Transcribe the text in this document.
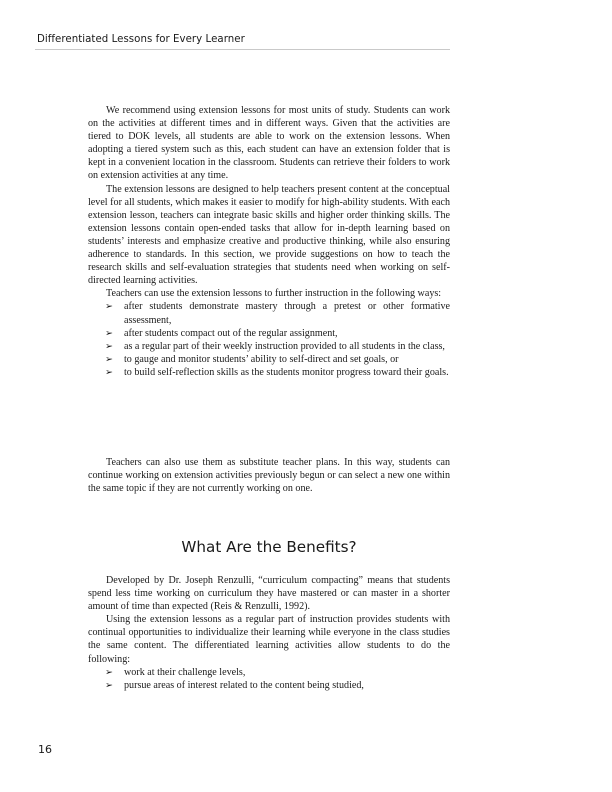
Differentiated Lessons for Every Learner

We recommend using extension lessons for most units of study. Students can work on the activities at different times and in different ways. Given that the activities are tiered to DOK levels, all students are able to work on the extension lessons. When adopting a tiered system such as this, each student can have an extension folder that is kept in a convenient location in the classroom. Students can retrieve their folders to work on extension activities at any time.

The extension lessons are designed to help teachers present content at the conceptual level for all students, which makes it easier to modify for high-ability students. With each extension lesson, teachers can integrate basic skills and higher order thinking skills. The extension lessons contain open-ended tasks that allow for in-depth learning based on students’ interests and emphasize creative and productive thinking, while also ensuring adherence to standards. In this section, we provide suggestions on how to teach the research skills and self-evaluation strategies that students need when working on self-directed learning activities.

Teachers can use the extension lessons to further instruction in the following ways:

➢ after students demonstrate mastery through a pretest or other formative assessment,
➢ after students compact out of the regular assignment,
➢ as a regular part of their weekly instruction provided to all students in the class,
➢ to gauge and monitor students’ ability to self-direct and set goals, or
➢ to build self-reflection skills as the students monitor progress toward their goals.

Teachers can also use them as substitute teacher plans. In this way, students can continue working on extension activities previously begun or can select a new one within the same topic if they are not currently working on one.

What Are the Benefits?

Developed by Dr. Joseph Renzulli, “curriculum compacting” means that students spend less time working on curriculum they have mastered or can master in a shorter amount of time than expected (Reis & Renzulli, 1992).

Using the extension lessons as a regular part of instruction provides students with continual opportunities to individualize their learning while everyone in the class studies the same content. The differentiated learning activities allow students to do the following:

➢ work at their challenge levels,
➢ pursue areas of interest related to the content being studied,
16
